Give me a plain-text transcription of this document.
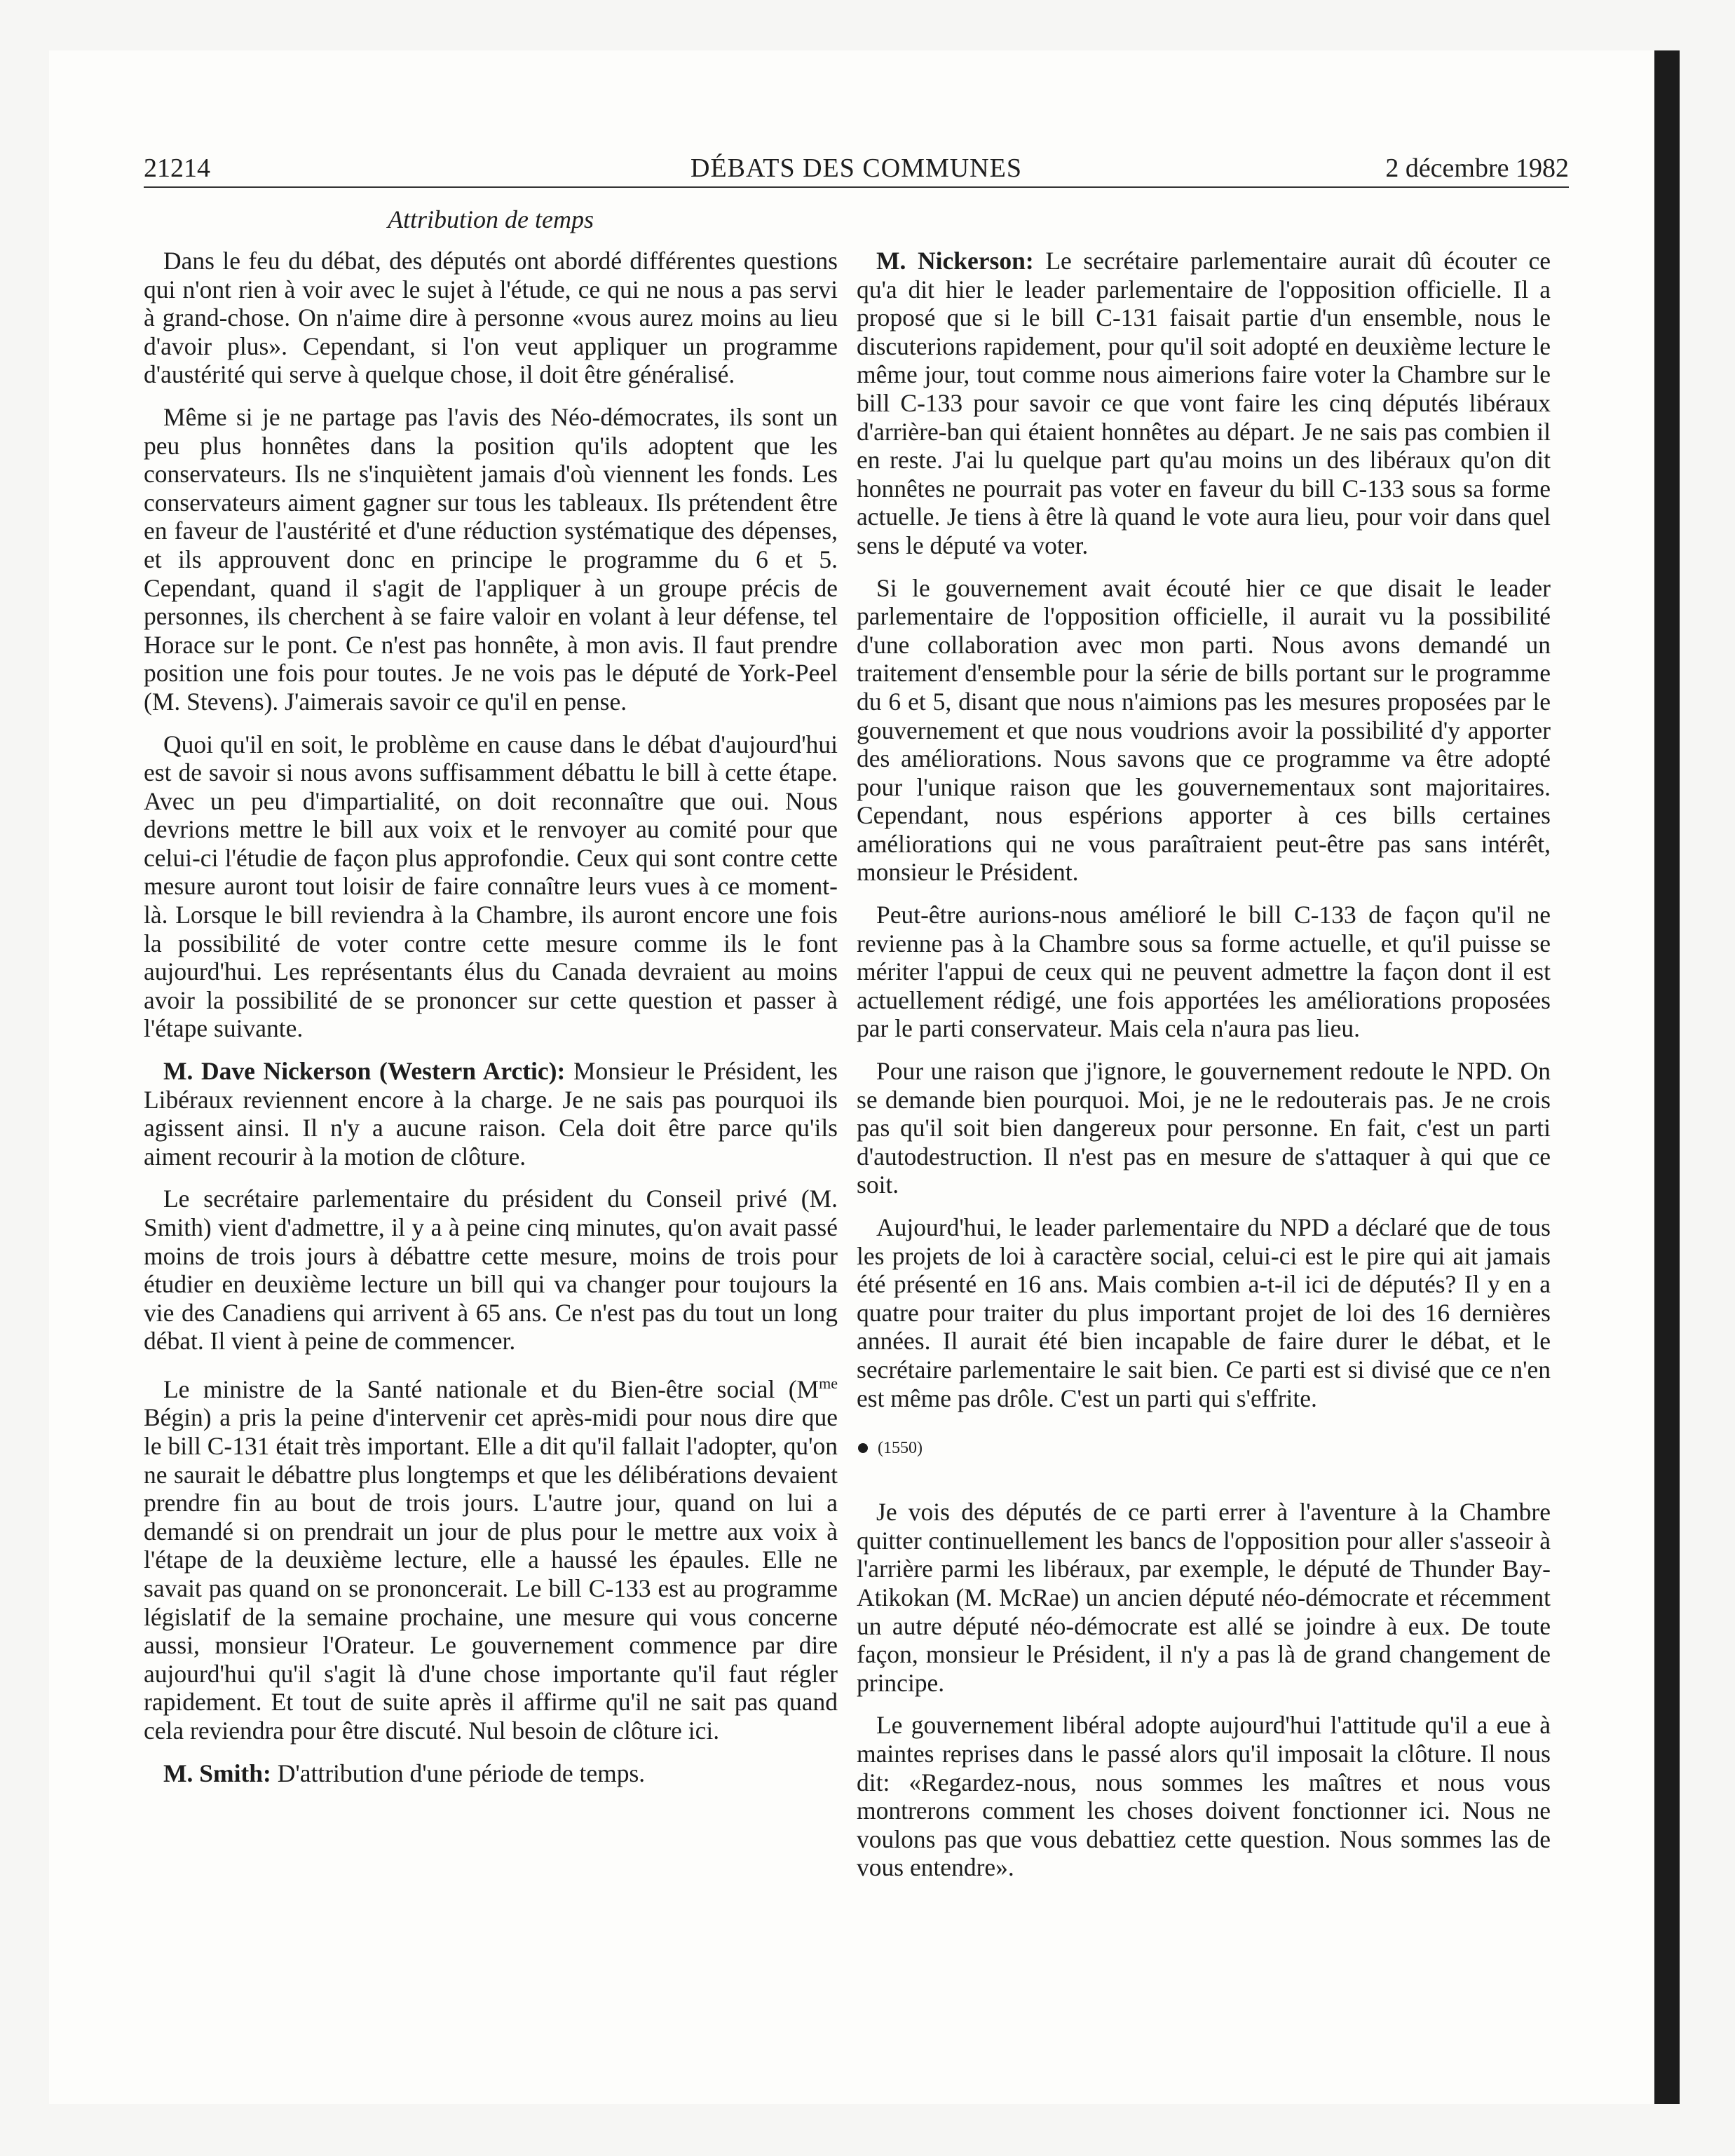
21214	DÉBATS DES COMMUNES	2 décembre 1982
Attribution de temps

Dans le feu du débat, des députés ont abordé différentes questions qui n'ont rien à voir avec le sujet à l'étude, ce qui ne nous a pas servi à grand-chose. On n'aime dire à personne «vous aurez moins au lieu d'avoir plus». Cependant, si l'on veut appliquer un programme d'austérité qui serve à quelque chose, il doit être généralisé.

Même si je ne partage pas l'avis des Néo-démocrates, ils sont un peu plus honnêtes dans la position qu'ils adoptent que les conservateurs. Ils ne s'inquiètent jamais d'où viennent les fonds. Les conservateurs aiment gagner sur tous les tableaux. Ils prétendent être en faveur de l'austérité et d'une réduction systématique des dépenses, et ils approuvent donc en principe le programme du 6 et 5. Cependant, quand il s'agit de l'appliquer à un groupe précis de personnes, ils cherchent à se faire valoir en volant à leur défense, tel Horace sur le pont. Ce n'est pas honnête, à mon avis. Il faut prendre position une fois pour toutes. Je ne vois pas le député de York-Peel (M. Stevens). J'aimerais savoir ce qu'il en pense.

Quoi qu'il en soit, le problème en cause dans le débat d'aujourd'hui est de savoir si nous avons suffisamment débattu le bill à cette étape. Avec un peu d'impartialité, on doit reconnaître que oui. Nous devrions mettre le bill aux voix et le renvoyer au comité pour que celui-ci l'étudie de façon plus approfondie. Ceux qui sont contre cette mesure auront tout loisir de faire connaître leurs vues à ce moment-là. Lorsque le bill reviendra à la Chambre, ils auront encore une fois la possibilité de voter contre cette mesure comme ils le font aujourd'hui. Les représentants élus du Canada devraient au moins avoir la possibilité de se prononcer sur cette question et passer à l'étape suivante.

M. Dave Nickerson (Western Arctic): Monsieur le Président, les Libéraux reviennent encore à la charge. Je ne sais pas pourquoi ils agissent ainsi. Il n'y a aucune raison. Cela doit être parce qu'ils aiment recourir à la motion de clôture.

Le secrétaire parlementaire du président du Conseil privé (M. Smith) vient d'admettre, il y a à peine cinq minutes, qu'on avait passé moins de trois jours à débattre cette mesure, moins de trois pour étudier en deuxième lecture un bill qui va changer pour toujours la vie des Canadiens qui arrivent à 65 ans. Ce n'est pas du tout un long débat. Il vient à peine de commencer.

Le ministre de la Santé nationale et du Bien-être social ($M^{me}$ Bégin) a pris la peine d'intervenir cet après-midi pour nous dire que le bill C-131 était très important. Elle a dit qu'il fallait l'adopter, qu'on ne saurait le débattre plus longtemps et que les délibérations devaient prendre fin au bout de trois jours. L'autre jour, quand on lui a demandé si on prendrait un jour de plus pour le mettre aux voix à l'étape de la deuxième lecture, elle a haussé les épaules. Elle ne savait pas quand on se prononcerait. Le bill C-133 est au programme législatif de la semaine prochaine, une mesure qui vous concerne aussi, monsieur l'Orateur. Le gouvernement commence par dire aujourd'hui qu'il s'agit là d'une chose importante qu'il faut régler rapidement. Et tout de suite après il affirme qu'il ne sait pas quand cela reviendra pour être discuté. Nul besoin de clôture ici.

M. Smith: D'attribution d'une période de temps.

M. Nickerson: Le secrétaire parlementaire aurait dû écouter ce qu'a dit hier le leader parlementaire de l'opposition officielle. Il a proposé que si le bill C-131 faisait partie d'un ensemble, nous le discuterions rapidement, pour qu'il soit adopté en deuxième lecture le même jour, tout comme nous aimerions faire voter la Chambre sur le bill C-133 pour savoir ce que vont faire les cinq députés libéraux d'arrière-ban qui étaient honnêtes au départ. Je ne sais pas combien il en reste. J'ai lu quelque part qu'au moins un des libéraux qu'on dit honnêtes ne pourrait pas voter en faveur du bill C-133 sous sa forme actuelle. Je tiens à être là quand le vote aura lieu, pour voir dans quel sens le député va voter.

Si le gouvernement avait écouté hier ce que disait le leader parlementaire de l'opposition officielle, il aurait vu la possibilité d'une collaboration avec mon parti. Nous avons demandé un traitement d'ensemble pour la série de bills portant sur le programme du 6 et 5, disant que nous n'aimions pas les mesures proposées par le gouvernement et que nous voudrions avoir la possibilité d'y apporter des améliorations. Nous savons que ce programme va être adopté pour l'unique raison que les gouvernementaux sont majoritaires. Cependant, nous espérions apporter à ces bills certaines améliorations qui ne vous paraîtraient peut-être pas sans intérêt, monsieur le Président.

Peut-être aurions-nous amélioré le bill C-133 de façon qu'il ne revienne pas à la Chambre sous sa forme actuelle, et qu'il puisse se mériter l'appui de ceux qui ne peuvent admettre la façon dont il est actuellement rédigé, une fois apportées les améliorations proposées par le parti conservateur. Mais cela n'aura pas lieu.

Pour une raison que j'ignore, le gouvernement redoute le NPD. On se demande bien pourquoi. Moi, je ne le redouterais pas. Je ne crois pas qu'il soit bien dangereux pour personne. En fait, c'est un parti d'autodestruction. Il n'est pas en mesure de s'attaquer à qui que ce soit.

Aujourd'hui, le leader parlementaire du NPD a déclaré que de tous les projets de loi à caractère social, celui-ci est le pire qui ait jamais été présenté en 16 ans. Mais combien a-t-il ici de députés? Il y en a quatre pour traiter du plus important projet de loi des 16 dernières années. Il aurait été bien incapable de faire durer le débat, et le secrétaire parlementaire le sait bien. Ce parti est si divisé que ce n'en est même pas drôle. C'est un parti qui s'effrite.

(1550)

Je vois des députés de ce parti errer à l'aventure à la Chambre quitter continuellement les bancs de l'opposition pour aller s'asseoir à l'arrière parmi les libéraux, par exemple, le député de Thunder Bay-Atikokan (M. McRae) un ancien député néo-démocrate et récemment un autre député néo-démocrate est allé se joindre à eux. De toute façon, monsieur le Président, il n'y a pas là de grand changement de principe.

Le gouvernement libéral adopte aujourd'hui l'attitude qu'il a eue à maintes reprises dans le passé alors qu'il imposait la clôture. Il nous dit: «Regardez-nous, nous sommes les maîtres et nous vous montrerons comment les choses doivent fonctionner ici. Nous ne voulons pas que vous debattiez cette question. Nous sommes las de vous entendre».
